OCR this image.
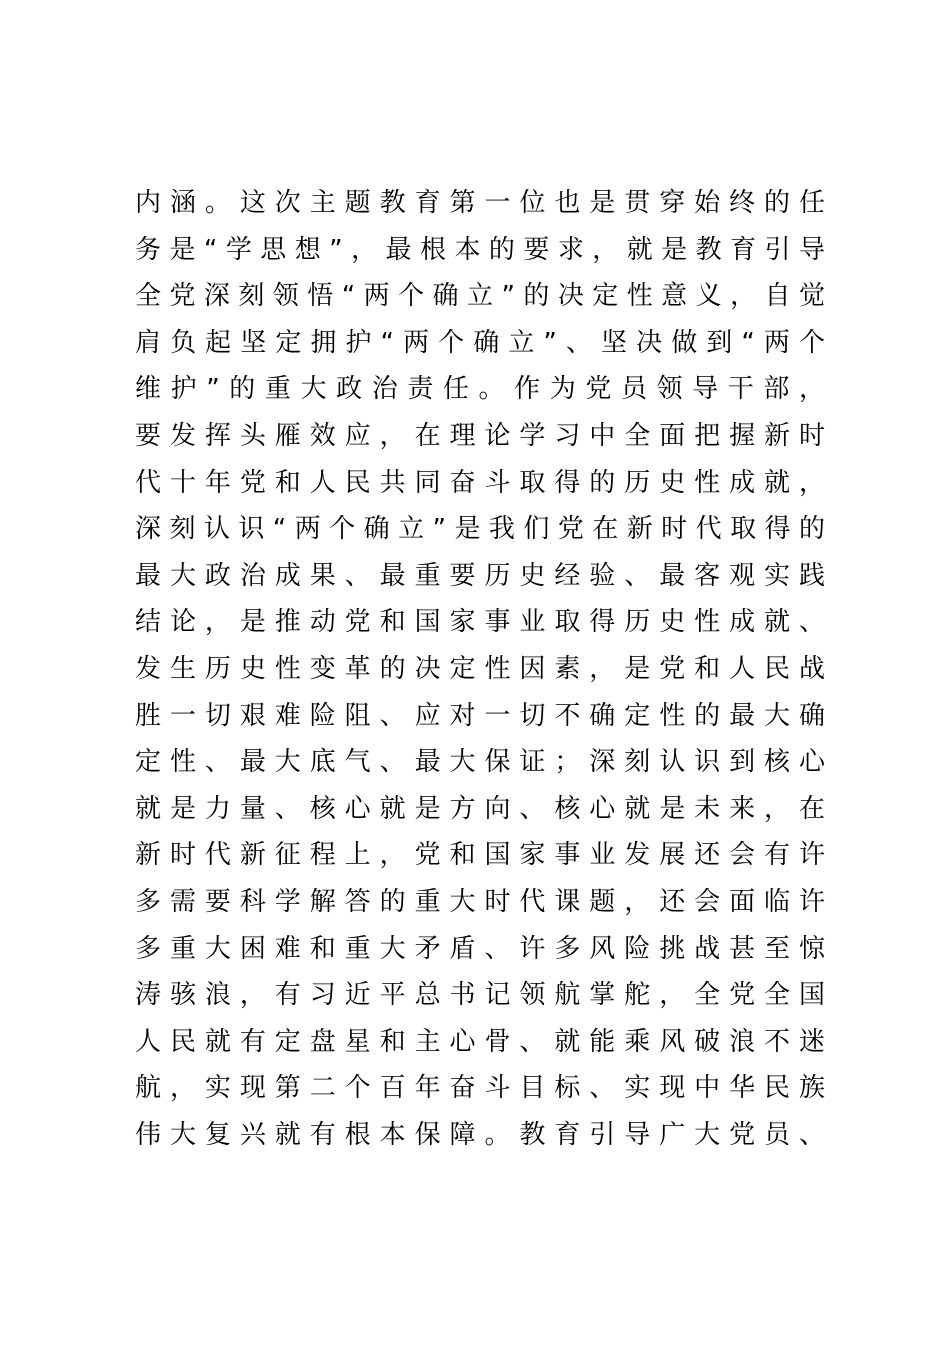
内涵。这次主题教育第一位也是贯穿始终的任
务是“学思想”，最根本的要求，就是教育引导
全党深刻领悟“两个确立”的决定性意义，自觉
肩负起坚定拥护“两个确立”、坚决做到“两个
维护”的重大政治责任。作为党员领导干部，
要发挥头雁效应，在理论学习中全面把握新时
代十年党和人民共同奋斗取得的历史性成就，
深刻认识“两个确立”是我们党在新时代取得的
最大政治成果、最重要历史经验、最客观实践
结论，是推动党和国家事业取得历史性成就、
发生历史性变革的决定性因素，是党和人民战
胜一切艰难险阻、应对一切不确定性的最大确
定性、最大底气、最大保证；深刻认识到核心
就是力量、核心就是方向、核心就是未来，在
新时代新征程上，党和国家事业发展还会有许
多需要科学解答的重大时代课题，还会面临许
多重大困难和重大矛盾、许多风险挑战甚至惊
涛骇浪，有习近平总书记领航掌舵，全党全国
人民就有定盘星和主心骨、就能乘风破浪不迷
航，实现第二个百年奋斗目标、实现中华民族
伟大复兴就有根本保障。教育引导广大党员、
